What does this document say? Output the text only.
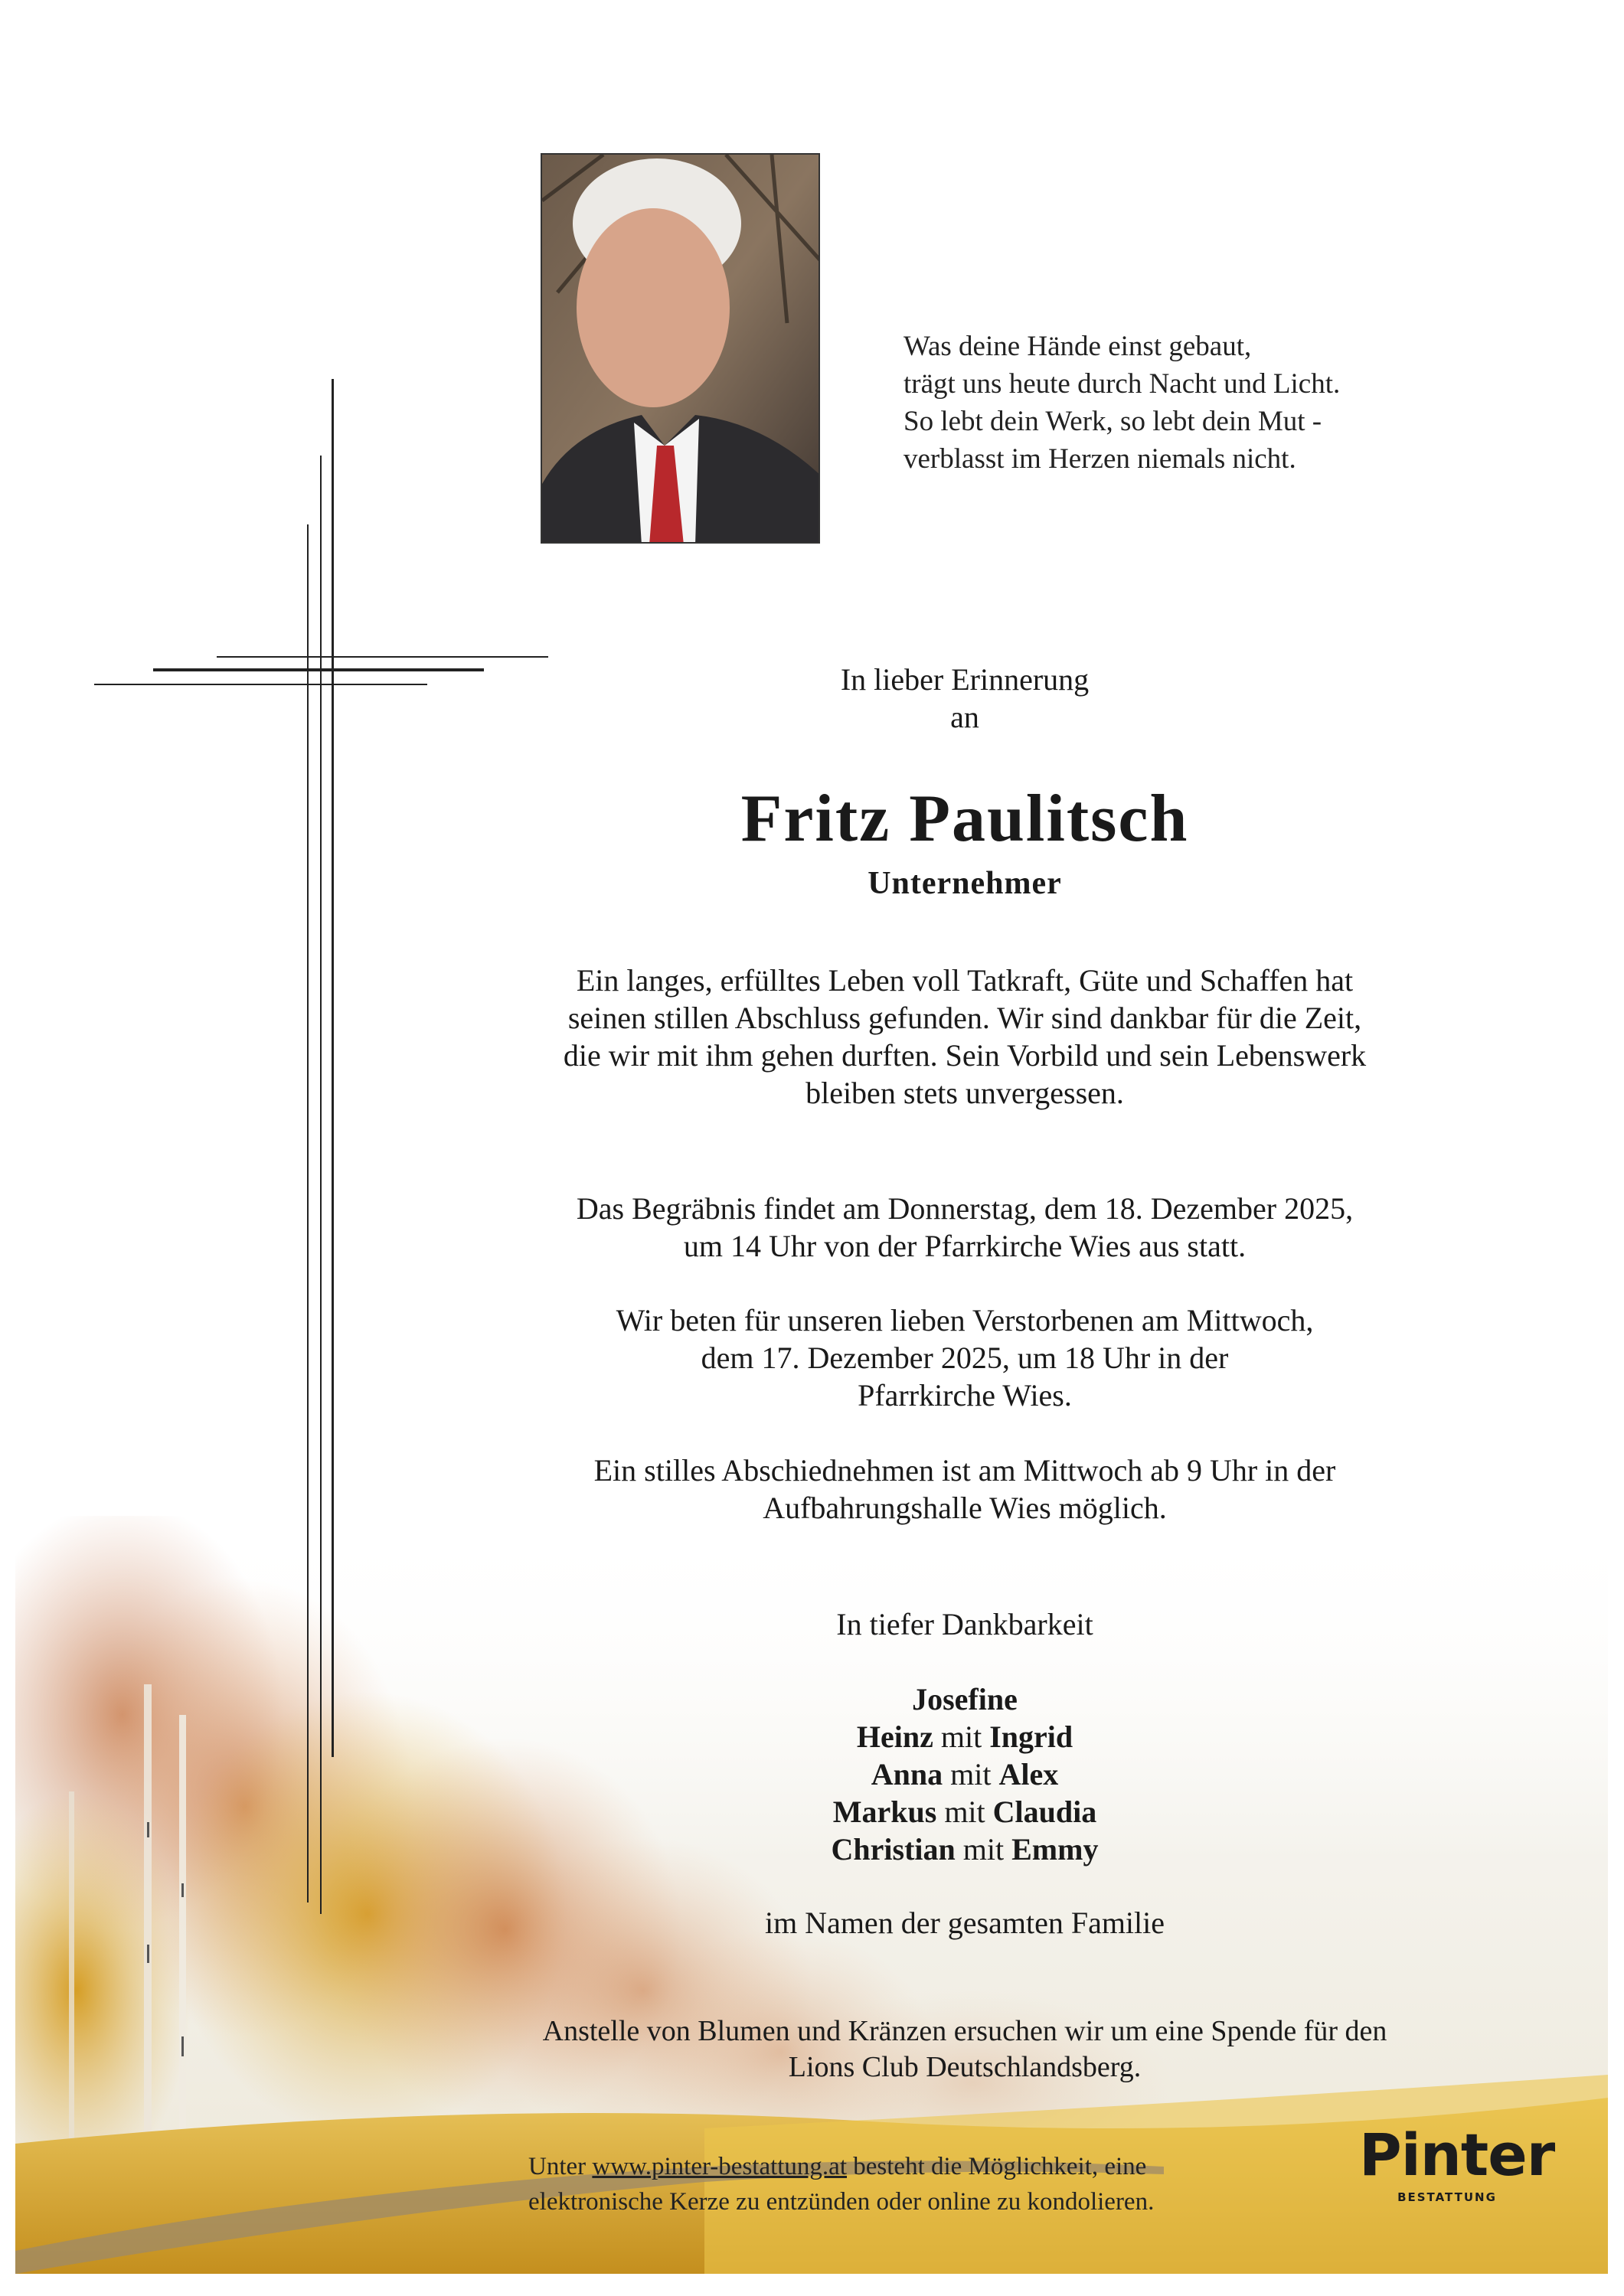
Was deine Hände einst gebaut,
trägt uns heute durch Nacht und Licht.
So lebt dein Werk, so lebt dein Mut -
verblasst im Herzen niemals nicht.
In lieber Erinnerung
an
Fritz Paulitsch
Unternehmer
Ein langes, erfülltes Leben voll Tatkraft, Güte und Schaffen hat
seinen stillen Abschluss gefunden. Wir sind dankbar für die Zeit,
die wir mit ihm gehen durften. Sein Vorbild und sein Lebenswerk
bleiben stets unvergessen.
Das Begräbnis findet am Donnerstag, dem 18. Dezember 2025,
um 14 Uhr von der Pfarrkirche Wies aus statt.
Wir beten für unseren lieben Verstorbenen am Mittwoch,
dem 17. Dezember 2025, um 18 Uhr in der
Pfarrkirche Wies.
Ein stilles Abschiednehmen ist am Mittwoch ab 9 Uhr in der
Aufbahrungshalle Wies möglich.
In tiefer Dankbarkeit
Josefine
Heinz mit Ingrid
Anna mit Alex
Markus mit Claudia
Christian mit Emmy
im Namen der gesamten Familie
Anstelle von Blumen und Kränzen ersuchen wir um eine Spende für den
Lions Club Deutschlandsberg.
Unter www.pinter-bestattung.at besteht die Möglichkeit, eine
elektronische Kerze zu entzünden oder online zu kondolieren.
Pinter
BESTATTUNG
